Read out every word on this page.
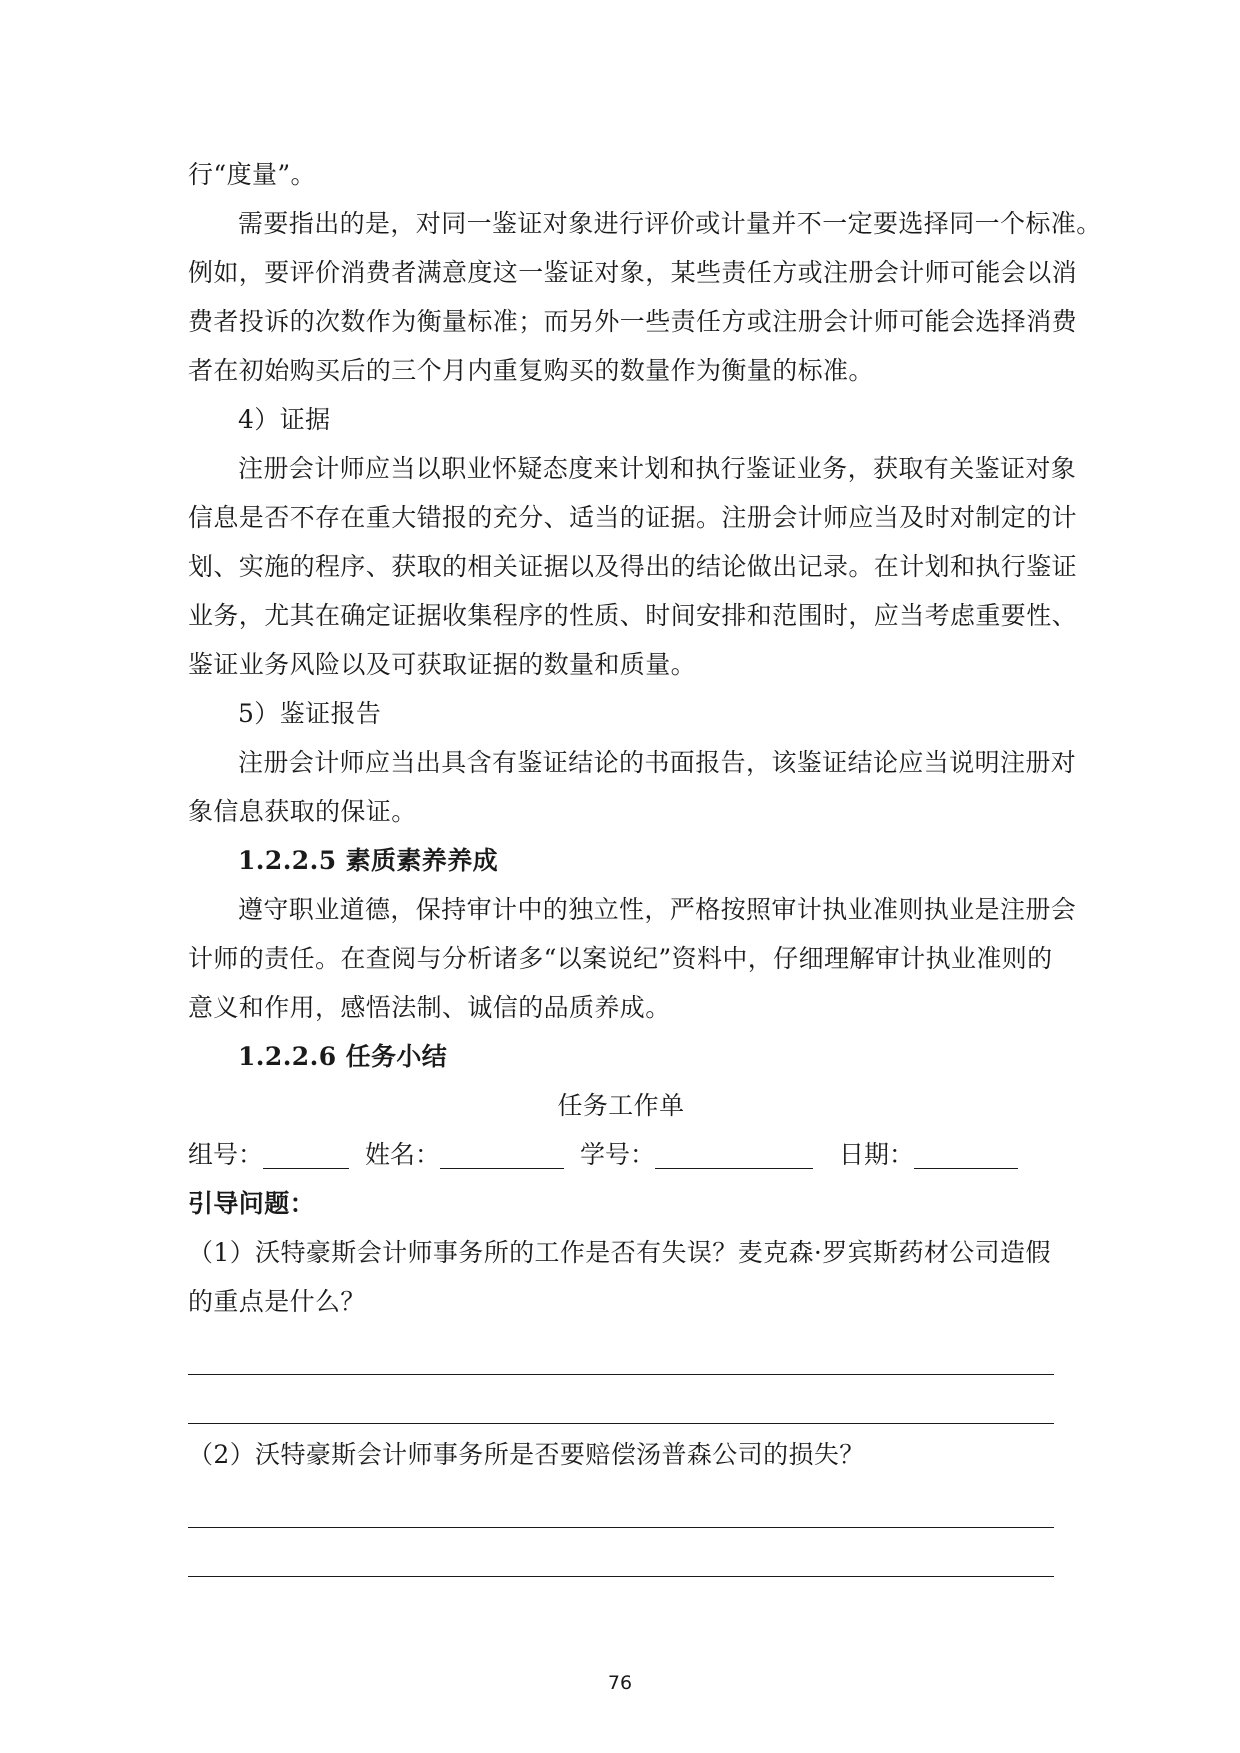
行“度量”。
需要指出的是，对同一鉴证对象进行评价或计量并不一定要选择同一个标准。
例如，要评价消费者满意度这一鉴证对象，某些责任方或注册会计师可能会以消
费者投诉的次数作为衡量标准；而另外一些责任方或注册会计师可能会选择消费
者在初始购买后的三个月内重复购买的数量作为衡量的标准。
4）证据
注册会计师应当以职业怀疑态度来计划和执行鉴证业务，获取有关鉴证对象
信息是否不存在重大错报的充分、适当的证据。注册会计师应当及时对制定的计
划、实施的程序、获取的相关证据以及得出的结论做出记录。在计划和执行鉴证
业务，尤其在确定证据收集程序的性质、时间安排和范围时，应当考虑重要性、
鉴证业务风险以及可获取证据的数量和质量。
5）鉴证报告
注册会计师应当出具含有鉴证结论的书面报告，该鉴证结论应当说明注册对
象信息获取的保证。
1.2.2.5 素质素养养成
遵守职业道德，保持审计中的独立性，严格按照审计执业准则执业是注册会
计师的责任。在查阅与分析诸多“以案说纪”资料中，仔细理解审计执业准则的
意义和作用，感悟法制、诚信的品质养成。
1.2.2.6 任务小结
任务工作单
组号：	姓名：	学号：	日期：
引导问题：
（1）沃特豪斯会计师事务所的工作是否有失误？麦克森·罗宾斯药材公司造假
的重点是什么？
（2）沃特豪斯会计师事务所是否要赔偿汤普森公司的损失？
76
